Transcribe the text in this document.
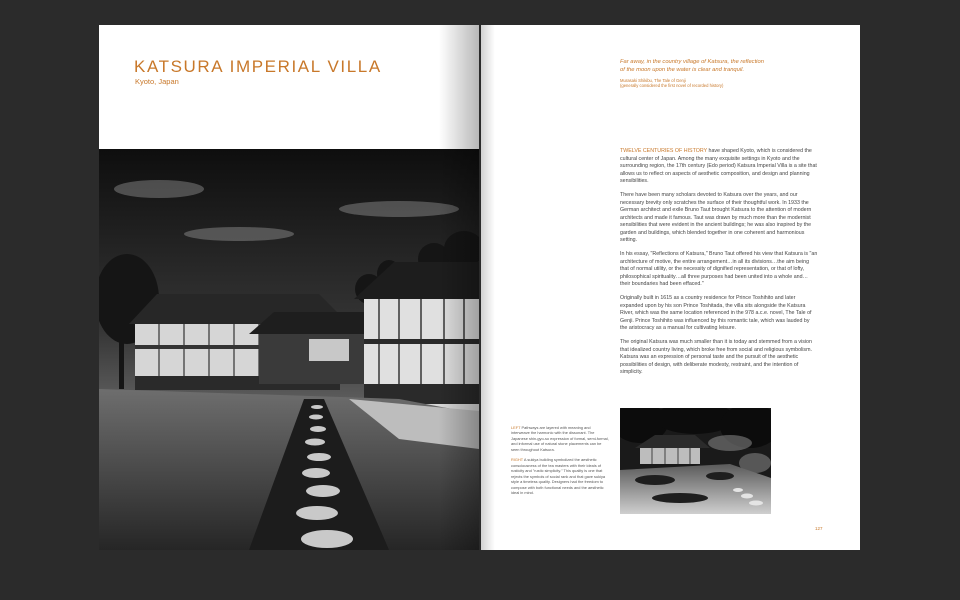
KATSURA IMPERIAL VILLA
Kyoto, Japan

Far away, in the country village of Katsura, the reflection of the moon upon the water is clear and tranquil.

Murasaki Shikibu, The Tale of Genji
(generally considered the first novel of recorded history)

TWELVE CENTURIES OF HISTORY have shaped Kyoto, which is considered the cultural center of Japan. Among the many exquisite settings in Kyoto and the surrounding region, the 17th century (Edo period) Katsura Imperial Villa is a site that allows us to reflect on aspects of aesthetic composition, and design and planning sensibilities.

There have been many scholars devoted to Katsura over the years, and our necessary brevity only scratches the surface of their thoughtful work. In 1933 the German architect and exile Bruno Taut brought Katsura to the attention of modern architects and made it famous. Taut was drawn by much more than the modernist sensibilities that were evident in the ancient buildings; he was also inspired by the garden and buildings, which blended together in one coherent and harmonious setting.

In his essay, "Reflections of Katsura," Bruno Taut offered his view that Katsura is "an architecture of motive, the entire arrangement…in all its divisions…the aim being that of normal utility, or the necessity of dignified representation, or that of lofty, philosophical spirituality…all three purposes had been united into a whole and…their boundaries had been effaced."

Originally built in 1615 as a country residence for Prince Toshihito and later expanded upon by his son Prince Toshitada, the villa sits alongside the Katsura River, which was the same location referenced in the 978 a.c.e. novel, The Tale of Genji. Prince Toshihito was influenced by this romantic tale, which was lauded by the aristocracy as a manual for cultivating leisure.

The original Katsura was much smaller than it is today and stemmed from a vision that idealized country living, which broke free from social and religious symbolism. Katsura was an expression of personal taste and the pursuit of the aesthetic possibilities of design, with deliberate modesty, restraint, and the intention of simplicity.

LEFT Pathways are layered with meaning and interweave the harmonic with the dissonant. The Japanese shin-gyo-so expression of formal, semi-formal, and informal use of natural stone placements can be seen throughout Katsura.

RIGHT A sukiya building symbolized the aesthetic consciousness of the tea masters with their ideals of rusticity and "rustic simplicity." This quality is one that rejects the symbols of social rank and that gave sukiya style a timeless quality. Designers had the freedom to compose with both functional needs and the aesthetic ideal in mind.

127
